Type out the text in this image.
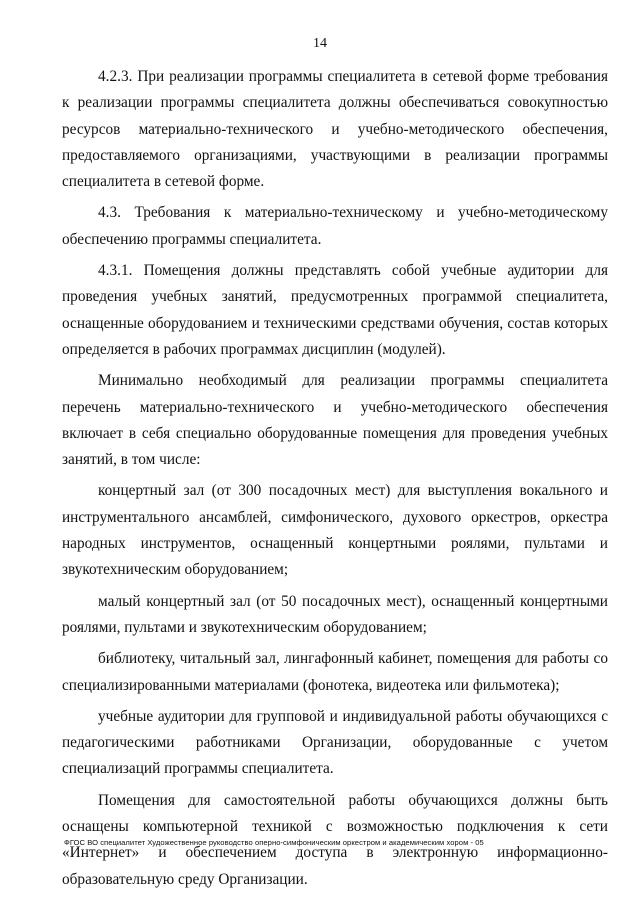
14

4.2.3. При реализации программы специалитета в сетевой форме требования к реализации программы специалитета должны обеспечиваться совокупностью ресурсов материально-технического и учебно-методического обеспечения, предоставляемого организациями, участвующими в реализации программы специалитета в сетевой форме.

4.3. Требования к материально-техническому и учебно-методическому обеспечению программы специалитета.

4.3.1. Помещения должны представлять собой учебные аудитории для проведения учебных занятий, предусмотренных программой специалитета, оснащенные оборудованием и техническими средствами обучения, состав которых определяется в рабочих программах дисциплин (модулей).

Минимально необходимый для реализации программы специалитета перечень материально-технического и учебно-методического обеспечения включает в себя специально оборудованные помещения для проведения учебных занятий, в том числе:

концертный зал (от 300 посадочных мест) для выступления вокального и инструментального ансамблей, симфонического, духового оркестров, оркестра народных инструментов, оснащенный концертными роялями, пультами и звукотехническим оборудованием;

малый концертный зал (от 50 посадочных мест), оснащенный концертными роялями, пультами и звукотехническим оборудованием;

библиотеку, читальный зал, лингафонный кабинет, помещения для работы со специализированными материалами (фонотека, видеотека или фильмотека);

учебные аудитории для групповой и индивидуальной работы обучающихся с педагогическими работниками Организации, оборудованные с учетом специализаций программы специалитета.

Помещения для самостоятельной работы обучающихся должны быть оснащены компьютерной техникой с возможностью подключения к сети «Интернет» и обеспечением доступа в электронную информационно-образовательную среду Организации.

ФГОС ВО специалитет Художественное руководство оперно-симфоническим оркестром и академическим хором - 05
